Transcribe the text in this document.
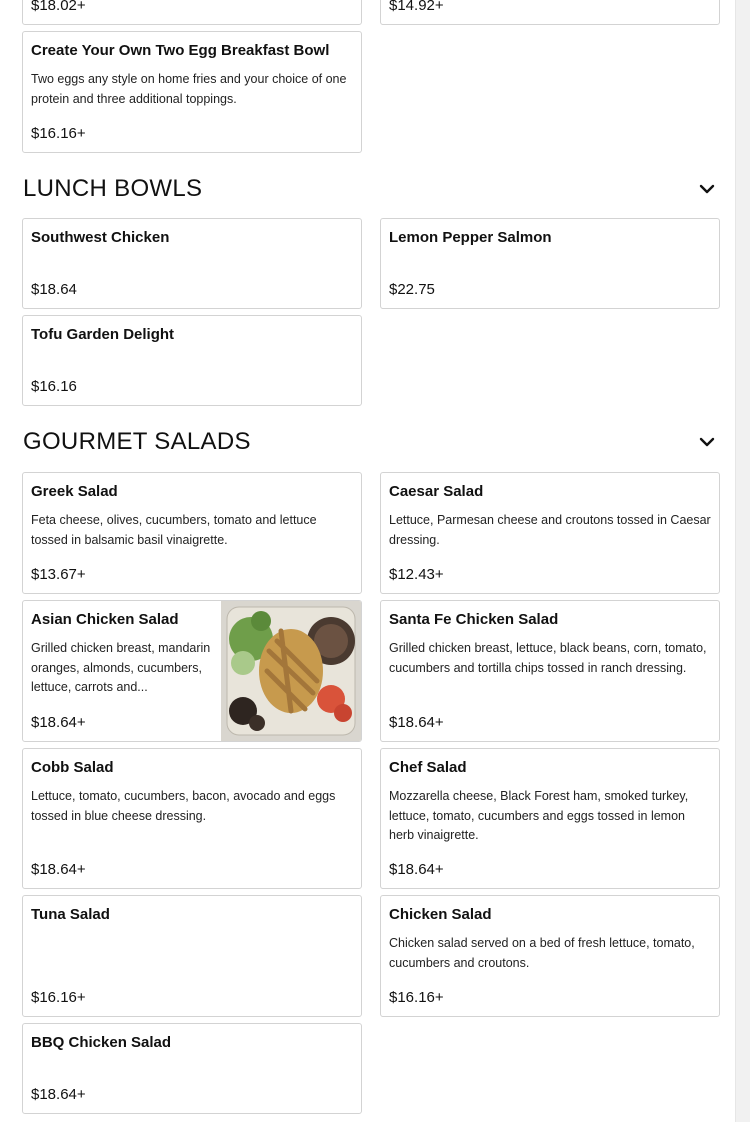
$18.02+	$14.92+
Create Your Own Two Egg Breakfast Bowl
Two eggs any style on home fries and your choice of one protein and three additional toppings.
$16.16+
LUNCH BOWLS
Southwest Chicken
$18.64
Lemon Pepper Salmon
$22.75
Tofu Garden Delight
$16.16
GOURMET SALADS
Greek Salad
Feta cheese, olives, cucumbers, tomato and lettuce tossed in balsamic basil vinaigrette.
$13.67+
Caesar Salad
Lettuce, Parmesan cheese and croutons tossed in Caesar dressing.
$12.43+
Asian Chicken Salad
Grilled chicken breast, mandarin oranges, almonds, cucumbers, lettuce, carrots and...
$18.64+
Santa Fe Chicken Salad
Grilled chicken breast, lettuce, black beans, corn, tomato, cucumbers and tortilla chips tossed in ranch dressing.
$18.64+
Cobb Salad
Lettuce, tomato, cucumbers, bacon, avocado and eggs tossed in blue cheese dressing.
$18.64+
Chef Salad
Mozzarella cheese, Black Forest ham, smoked turkey, lettuce, tomato, cucumbers and eggs tossed in lemon herb vinaigrette.
$18.64+
Tuna Salad
$16.16+
Chicken Salad
Chicken salad served on a bed of fresh lettuce, tomato, cucumbers and croutons.
$16.16+
BBQ Chicken Salad
$18.64+
